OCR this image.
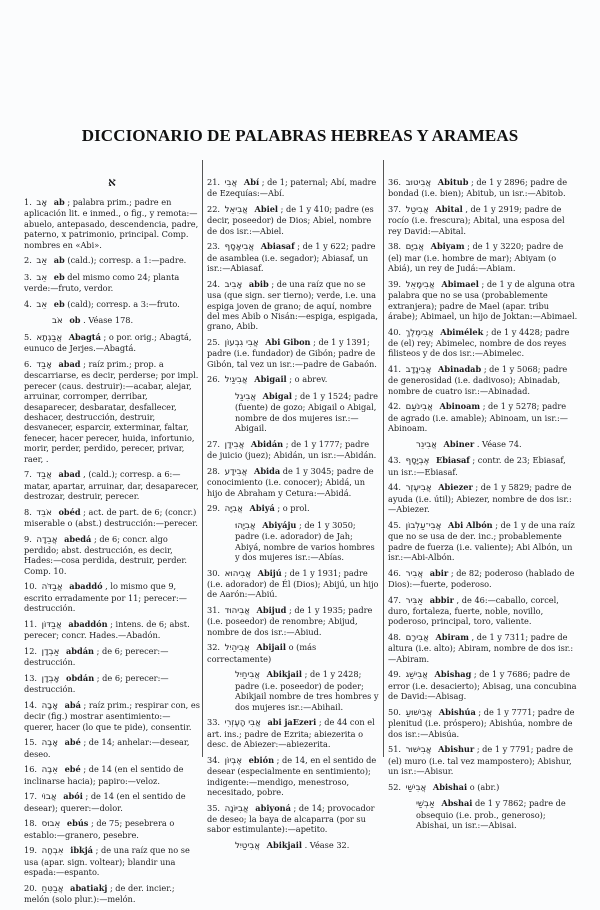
DICCIONARIO DE PALABRAS HEBREAS Y ARAMEAS
א
1. אָב ab ; palabra prim.; padre en aplicación lit. e inmed., o fig., y remota:—abuelo, antepasado, descendencia, padre, paterno, x patrimonio, principal. Comp. nombres en «Abi».
2. אַב ab (cald.); corresp. a 1:—padre.
3. אֵב eb del mismo como 24; planta verde:—fruto, verdor.
4. אֵב eb (cald); corresp. a 3:—fruto.
אֹב ob . Véase 178.
5. אֲבַגְתָא Abagtá ; o por. orig.; Abagtá, eunuco de Jerjes.—Abagtá.
6. אָבַד abad ; raíz prim.; prop. a descarriarse, es decir, perderse; por impl. perecer (caus. destruir):—acabar, alejar, arruinar, corromper, derribar, desaparecer, desbaratar, desfallecer, deshacer, destrucción, destruir, desvanecer, esparcir, exterminar, faltar, fenecer, hacer perecer, huida, infortunio, morir, perder, perdido, perecer, privar, raer, .
7. אֲבַד abad , (cald.); corresp. a 6:—matar, apartar, arruinar, dar, desaparecer, destrozar, destruir, perecer.
8. אֹבֵד obéd ; act. de part. de 6; (concr.) miserable o (abst.) destrucción:—perecer.
9. אֲבֵדָה abedá ; de 6; concr. algo perdido; abst. destrucción, es decir, Hades:—cosa perdida, destruir, perder. Comp. 10.
10. אֲבַדֹּה abaddó , lo mismo que 9, escrito erradamente por 11; perecer:—destrucción.
11. אֲבַדּוֹן abaddón ; intens. de 6; abst. perecer; concr. Hades.—Abadón.
12. אַבְדָן abdán ; de 6; perecer:—destrucción.
13. אָבְדָן obdán ; de 6; perecer:—destrucción.
14. אָבָה abá ; raíz prim.; respirar con, es decir (fig.) mostrar asentimiento:—querer, hacer (lo que te pide), consentir.
15. אָבֶה abé ; de 14; anhelar:—desear, deseo.
16. אֵבֶה ebé ; de 14 (en el sentido de inclinarse hacia); papiro:—veloz.
17. אֲבוֹי abói ; de 14 (en el sentido de desear); querer:—dolor.
18. אֵבוּס ebús ; de 75; pesebrera o establo:—granero, pesebre.
19. אִבְחָה ibkjá ; de una raíz que no se usa (apar. sign. voltear); blandir una espada:—espanto.
20. אֲבַטִּחַ abatiakj ; de der. incier.; melón (solo plur.):—melón.
21. אֲבִי Abí ; de 1; paternal; Abí, madre de Ezequías:—Abí.
22. אֲבִיאֵל Abiel ; de 1 y 410; padre (es decir, poseedor) de Dios; Abiel, nombre de dos isr.:—Abiel.
23. אֲבִיאָסָף Abiasaf ; de 1 y 622; padre de asamblea (i.e. segador); Abiasaf, un isr.:—Abiasaf.
24. אָבִיב abib ; de una raíz que no se usa (que sign. ser tierno); verde, i.e. una espiga joven de grano; de aquí, nombre del mes Abib o Nisán:—espiga, espigada, grano, Abib.
25. אֲבִי גִבְעוֹן Abi Gibon ; de 1 y 1391; padre (i.e. fundador) de Gibón; padre de Gibón, tal vez un isr.:—padre de Gabaón.
26. אֲבִיגַיִל Abigail ; o abrev.
אֲבִיגַל Abigal ; de 1 y 1524; padre (fuente) de gozo; Abigail o Abigal, nombre de dos mujeres isr.:—Abigail.
27. אֲבִידָן Abidán ; de 1 y 1777; padre de juicio (juez); Abidán, un isr.:—Abidán.
28. אֲבִידָע Abida de 1 y 3045; padre de conocimiento (i.e. conocer); Abidá, un hijo de Abraham y Cetura:—Abidá.
29. אֲבִיָּה Abiyá ; o prol.
אֲבִיָּהוּ Abiyáju ; de 1 y 3050; padre (i.e. adorador) de Jah; Abiyá, nombre de varios hombres y dos mujeres isr.:—Abías.
30. אֲבִיהוּא Abijú ; de 1 y 1931; padre (i.e. adorador) de Él (Dios); Abijú, un hijo de Aarón:—Abiú.
31. אֲבִיהוּד Abijud ; de 1 y 1935; padre (i.e. poseedor) de renombre; Abijud, nombre de dos isr.:—Abiud.
32. אֲבִיהַיִל Abijail o (más correctamente)
אֲבִיחַיִל Abikjail ; de 1 y 2428; padre (i.e. poseedor) de poder; Abikjail nombre de tres hombres y dos mujeres isr.:—Abihail.
33. אֲבִי הָעֶזְרִי abi jaEzeri ; de 44 con el art. ins.; padre de Ezrita; abiezerita o desc. de Abiezer:—abiezerita.
34. אֶבְיוֹן ebión ; de 14, en el sentido de desear (especialmente en sentimiento); indigente:—mendigo, menestroso, necesitado, pobre.
35. אֲבִיּוֹנָה abiyoná ; de 14; provocador de deseo; la baya de alcaparra (por su sabor estimulante):—apetito.
אֲבִיטַיִל Abikjail . Véase 32.
36. אֲבִיטוּב Abitub ; de 1 y 2896; padre de bondad (i.e. bien); Abitub, un isr.:—Abitob.
37. אֲבִיטַל Abital , de 1 y 2919; padre de rocío (i.e. frescura); Abital, una esposa del rey David:—Abital.
38. אֲבִיָּם Abiyam ; de 1 y 3220; padre de (el) mar (i.e. hombre de mar); Abiyam (o Abiá), un rey de Judá:—Abiam.
39. אֲבִימָאֵל Abimael ; de 1 y de alguna otra palabra que no se usa (probablemente extranjera); padre de Mael (apar. tribu árabe); Abimael, un hijo de Joktan:—Abimael.
40. אֲבִימֶלֶךְ Abimélek ; de 1 y 4428; padre de (el) rey; Abimelec, nombre de dos reyes filisteos y de dos isr.:—Abimelec.
41. אֲבִינָדָב Abinadab ; de 1 y 5068; padre de generosidad (i.e. dadivoso); Abinadab, nombre de cuatro isr.:—Abinadad.
42. אֲבִינֹעַם Abinoam ; de 1 y 5278; padre de agrado (i.e. amable); Abinoam, un isr.:—Abinoam.
אֲבִינֵר Abiner . Véase 74.
43. אֶבְיָסָף Ebiasaf ; contr. de 23; Ebiasaf, un isr.:—Ebiasaf.
44. אֲבִיעֶזֶר Abiezer ; de 1 y 5829; padre de ayuda (i.e. útil); Abiezer, nombre de dos isr.:—Abiezer.
45. אֲבִי־עַלְבוֹן Abi Albón ; de 1 y de una raíz que no se usa de der. inc.; probablemente padre de fuerza (i.e. valiente); Abi Albón, un isr.:—Abi-Albón.
46. אֲבִיר abir ; de 82; poderoso (hablado de Dios):—fuerte, poderoso.
47. אַבִּיר abbir , de 46:—caballo, corcel, duro, fortaleza, fuerte, noble, novillo, poderoso, principal, toro, valiente.
48. אֲבִירָם Abiram , de 1 y 7311; padre de altura (i.e. alto); Abiram, nombre de dos isr.:—Abiram.
49. אֲבִישַׁג Abishag ; de 1 y 7686; padre de error (i.e. desacierto); Abisag, una concubina de David:—Abisag.
50. אֲבִישׁוּעַ Abishúa ; de 1 y 7771; padre de plenitud (i.e. próspero); Abishúa, nombre de dos isr.:—Abisúa.
51. אֲבִישׁוּר Abishur ; de 1 y 7791; padre de (el) muro (i.e. tal vez mampostero); Abishur, un isr.:—Abisur.
52. אֲבִישַׁי Abishai o (abr.)
אַבְשַׁי Abshai de 1 y 7862; padre de obsequio (i.e. prob., generoso); Abishai, un isr.:—Abisai.
